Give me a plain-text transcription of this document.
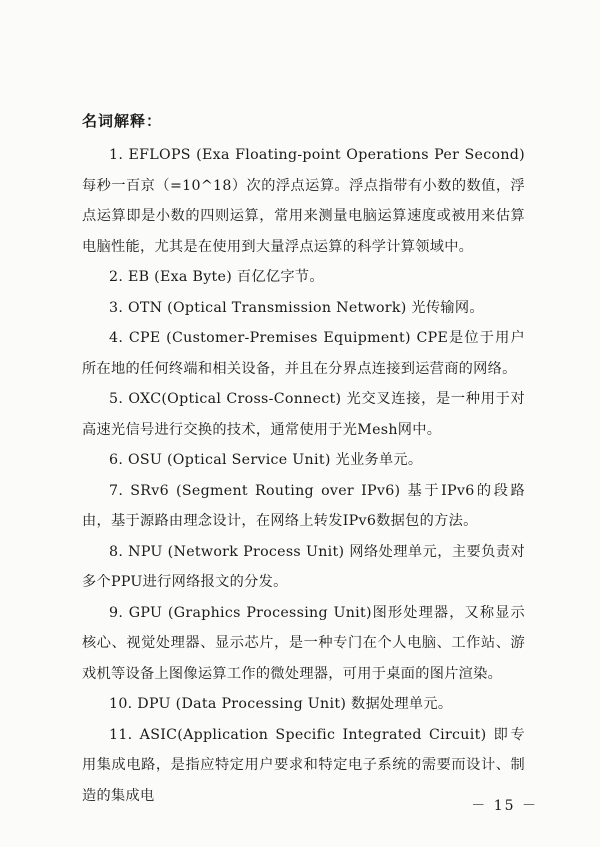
名词解释：

1. EFLOPS (Exa Floating-point Operations Per Second) 每秒一百京（=10^18）次的浮点运算。浮点指带有小数的数值，浮点运算即是小数的四则运算，常用来测量电脑运算速度或被用来估算电脑性能，尤其是在使用到大量浮点运算的科学计算领域中。

2. EB (Exa Byte) 百亿亿字节。

3. OTN (Optical Transmission Network) 光传输网。

4. CPE (Customer-Premises Equipment) CPE是位于用户所在地的任何终端和相关设备，并且在分界点连接到运营商的网络。

5. OXC(Optical Cross-Connect) 光交叉连接，是一种用于对高速光信号进行交换的技术，通常使用于光Mesh网中。

6. OSU (Optical Service Unit) 光业务单元。

7. SRv6 (Segment Routing over IPv6) 基于IPv6的段路由，基于源路由理念设计，在网络上转发IPv6数据包的方法。

8. NPU (Network Process Unit) 网络处理单元，主要负责对多个PPU进行网络报文的分发。

9. GPU (Graphics Processing Unit)图形处理器，又称显示核心、视觉处理器、显示芯片，是一种专门在个人电脑、工作站、游戏机等设备上图像运算工作的微处理器，可用于桌面的图片渲染。

10. DPU (Data Processing Unit) 数据处理单元。

11. ASIC(Application Specific Integrated Circuit) 即专用集成电路，是指应特定用户要求和特定电子系统的需要而设计、制造的集成电

－ 15 －
